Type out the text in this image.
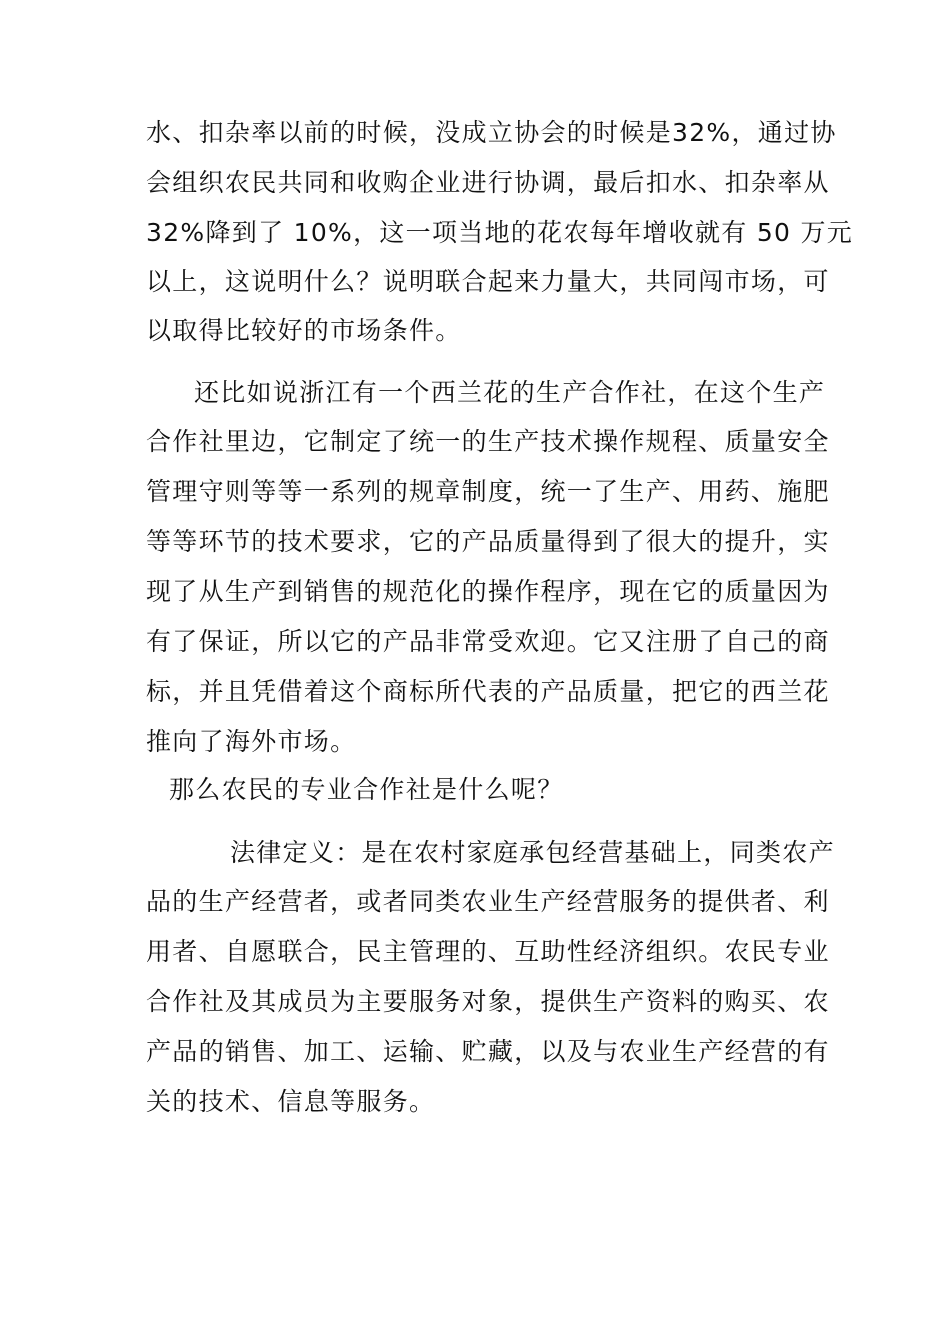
水、扣杂率以前的时候，没成立协会的时候是32%，通过协

会组织农民共同和收购企业进行协调，最后扣水、扣杂率从

32%降到了 10%，这一项当地的花农每年增收就有 50 万元

以上，这说明什么？说明联合起来力量大，共同闯市场，可

以取得比较好的市场条件。

还比如说浙江有一个西兰花的生产合作社，在这个生产

合作社里边，它制定了统一的生产技术操作规程、质量安全

管理守则等等一系列的规章制度，统一了生产、用药、施肥

等等环节的技术要求，它的产品质量得到了很大的提升，实

现了从生产到销售的规范化的操作程序，现在它的质量因为

有了保证，所以它的产品非常受欢迎。它又注册了自己的商

标，并且凭借着这个商标所代表的产品质量，把它的西兰花

推向了海外市场。

那么农民的专业合作社是什么呢？

法律定义：是在农村家庭承包经营基础上，同类农产

品的生产经营者，或者同类农业生产经营服务的提供者、利

用者、自愿联合，民主管理的、互助性经济组织。农民专业

合作社及其成员为主要服务对象，提供生产资料的购买、农

产品的销售、加工、运输、贮藏，以及与农业生产经营的有

关的技术、信息等服务。
